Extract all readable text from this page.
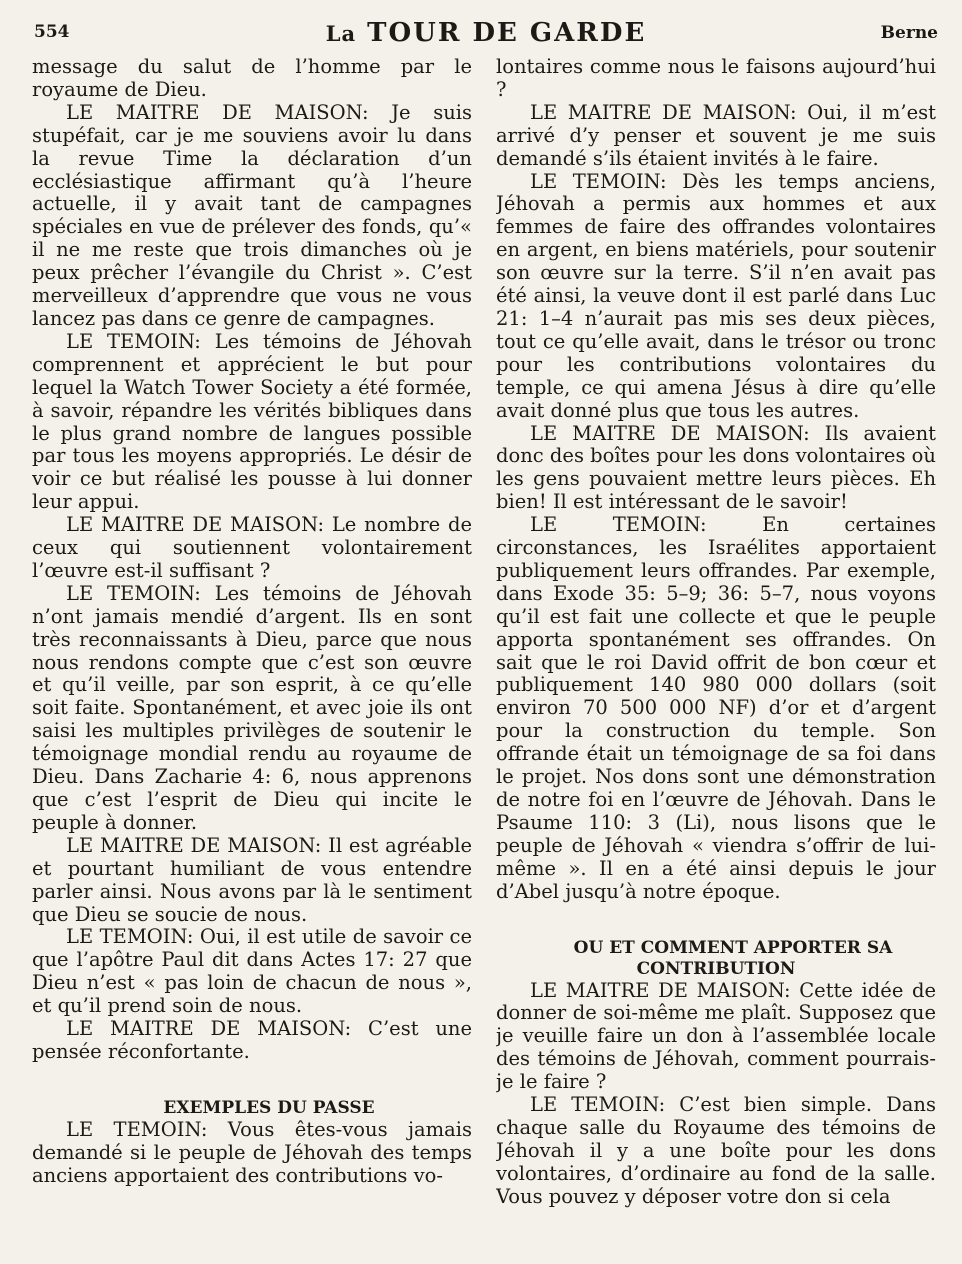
554	La TOUR DE GARDE	Berne

message du salut de l’homme par le royaume de Dieu.

LE MAITRE DE MAISON: Je suis stupéfait, car je me souviens avoir lu dans la revue Time la déclaration d’un ecclésiastique affirmant qu’à l’heure actuelle, il y avait tant de campagnes spéciales en vue de prélever des fonds, qu’« il ne me reste que trois dimanches où je peux prêcher l’évangile du Christ ». C’est merveilleux d’apprendre que vous ne vous lancez pas dans ce genre de campagnes.

LE TEMOIN: Les témoins de Jéhovah comprennent et apprécient le but pour lequel la Watch Tower Society a été formée, à savoir, répandre les vérités bibliques dans le plus grand nombre de langues possible par tous les moyens appropriés. Le désir de voir ce but réalisé les pousse à lui donner leur appui.

LE MAITRE DE MAISON: Le nombre de ceux qui soutiennent volontairement l’œuvre est-il suffisant ?

LE TEMOIN: Les témoins de Jéhovah n’ont jamais mendié d’argent. Ils en sont très reconnaissants à Dieu, parce que nous nous rendons compte que c’est son œuvre et qu’il veille, par son esprit, à ce qu’elle soit faite. Spontanément, et avec joie ils ont saisi les multiples privilèges de soutenir le témoignage mondial rendu au royaume de Dieu. Dans Zacharie 4: 6, nous apprenons que c’est l’esprit de Dieu qui incite le peuple à donner.

LE MAITRE DE MAISON: Il est agréable et pourtant humiliant de vous entendre parler ainsi. Nous avons par là le sentiment que Dieu se soucie de nous.

LE TEMOIN: Oui, il est utile de savoir ce que l’apôtre Paul dit dans Actes 17: 27 que Dieu n’est « pas loin de chacun de nous », et qu’il prend soin de nous.

LE MAITRE DE MAISON: C’est une pensée réconfortante.

EXEMPLES DU PASSE

LE TEMOIN: Vous êtes-vous jamais demandé si le peuple de Jéhovah des temps anciens apportaient des contributions vo-

lontaires comme nous le faisons aujourd’hui ?

LE MAITRE DE MAISON: Oui, il m’est arrivé d’y penser et souvent je me suis demandé s’ils étaient invités à le faire.

LE TEMOIN: Dès les temps anciens, Jéhovah a permis aux hommes et aux femmes de faire des offrandes volontaires en argent, en biens matériels, pour soutenir son œuvre sur la terre. S’il n’en avait pas été ainsi, la veuve dont il est parlé dans Luc 21: 1–4 n’aurait pas mis ses deux pièces, tout ce qu’elle avait, dans le trésor ou tronc pour les contributions volontaires du temple, ce qui amena Jésus à dire qu’elle avait donné plus que tous les autres.

LE MAITRE DE MAISON: Ils avaient donc des boîtes pour les dons volontaires où les gens pouvaient mettre leurs pièces. Eh bien! Il est intéressant de le savoir!

LE TEMOIN: En certaines circonstances, les Israélites apportaient publiquement leurs offrandes. Par exemple, dans Exode 35: 5–9; 36: 5–7, nous voyons qu’il est fait une collecte et que le peuple apporta spontanément ses offrandes. On sait que le roi David offrit de bon cœur et publiquement 140 980 000 dollars (soit environ 70 500 000 NF) d’or et d’argent pour la construction du temple. Son offrande était un témoignage de sa foi dans le projet. Nos dons sont une démonstration de notre foi en l’œuvre de Jéhovah. Dans le Psaume 110: 3 (Li), nous lisons que le peuple de Jéhovah « viendra s’offrir de lui-même ». Il en a été ainsi depuis le jour d’Abel jusqu’à notre époque.

OU ET COMMENT APPORTER SA CONTRIBUTION

LE MAITRE DE MAISON: Cette idée de donner de soi-même me plaît. Supposez que je veuille faire un don à l’assemblée locale des témoins de Jéhovah, comment pourrais-je le faire ?

LE TEMOIN: C’est bien simple. Dans chaque salle du Royaume des témoins de Jéhovah il y a une boîte pour les dons volontaires, d’ordinaire au fond de la salle. Vous pouvez y déposer votre don si cela
